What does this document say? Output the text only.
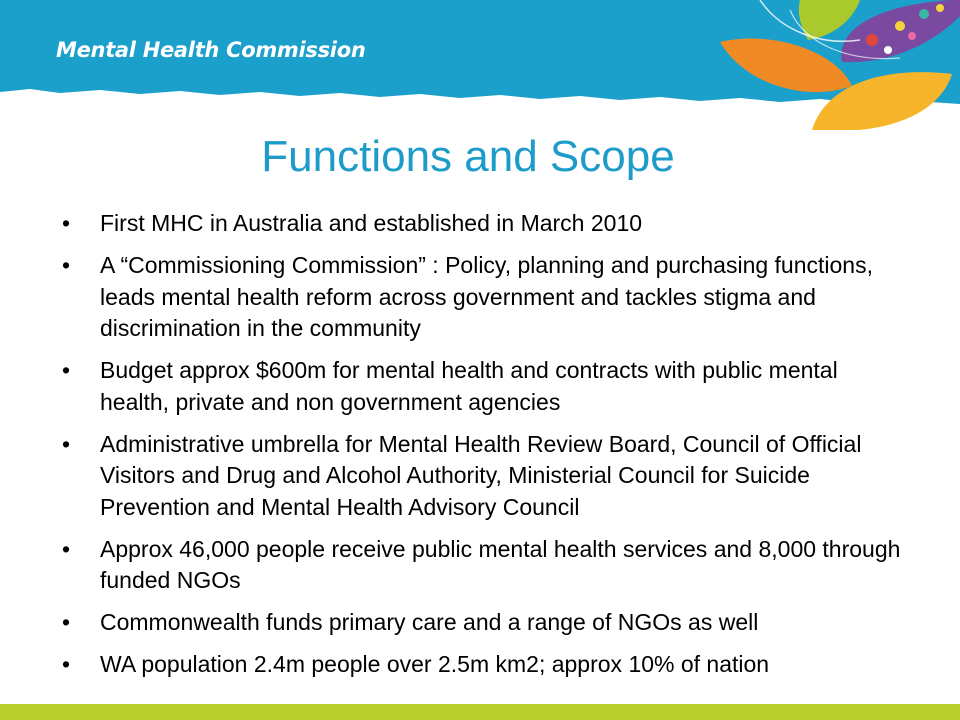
Mental Health Commission
Functions and Scope
• First MHC in Australia and established in March 2010
• A “Commissioning Commission” : Policy, planning and purchasing functions, leads mental health reform across government and tackles stigma and discrimination in the community
• Budget approx $600m for mental health and contracts with public mental health, private and non government agencies
• Administrative umbrella for Mental Health Review Board, Council of Official Visitors and Drug and Alcohol Authority, Ministerial Council for Suicide Prevention and Mental Health Advisory Council
• Approx 46,000 people receive public mental health services and 8,000 through funded NGOs
• Commonwealth funds primary care and a range of NGOs as well
• WA population 2.4m people over 2.5m km2; approx 10% of nation
